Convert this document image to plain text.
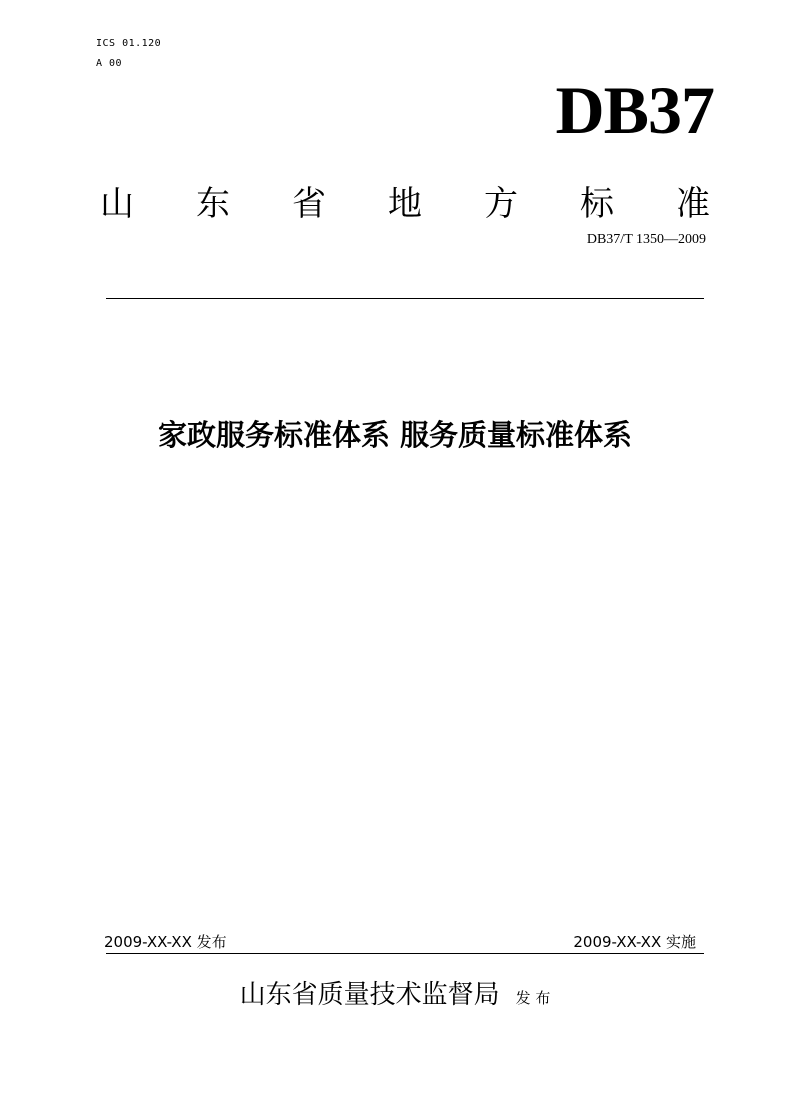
ICS 01.120
A 00
DB37
山 东 省 地 方 标 准
DB37/T 1350—2009
家政服务标准体系 服务质量标准体系
2009-XX-XX 发布	2009-XX-XX 实施
山东省质量技术监督局 发 布
